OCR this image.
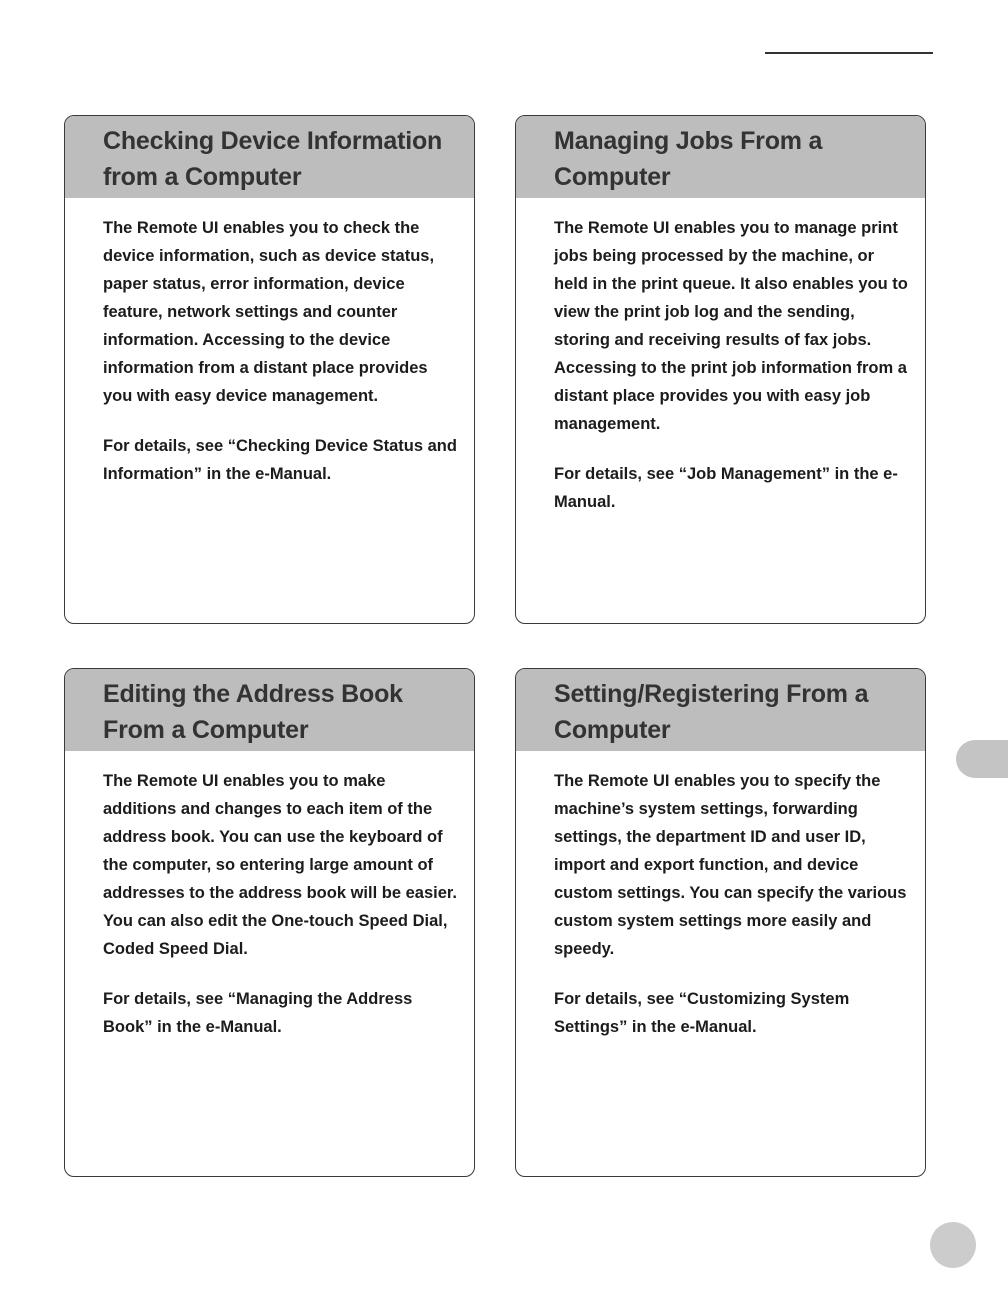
Checking Device Information
from a Computer

The Remote UI enables you to check the device information, such as device status, paper status, error information, device feature, network settings and counter information. Accessing to the device information from a distant place provides you with easy device management.

For details, see “Checking Device Status and Information” in the e-Manual.

Managing Jobs From a
Computer

The Remote UI enables you to manage print jobs being processed by the machine, or held in the print queue. It also enables you to view the print job log and the sending, storing and receiving results of fax jobs. Accessing to the print job information from a distant place provides you with easy job management.

For details, see “Job Management” in the e-Manual.

Editing the Address Book
From a Computer

The Remote UI enables you to make additions and changes to each item of the address book. You can use the keyboard of the computer, so entering large amount of addresses to the address book will be easier. You can also edit the One-touch Speed Dial, Coded Speed Dial.

For details, see “Managing the Address Book” in the e-Manual.

Setting/Registering From a
Computer

The Remote UI enables you to specify the machine’s system settings, forwarding settings, the department ID and user ID, import and export function, and device custom settings. You can specify the various custom system settings more easily and speedy.

For details, see “Customizing System Settings” in the e-Manual.
